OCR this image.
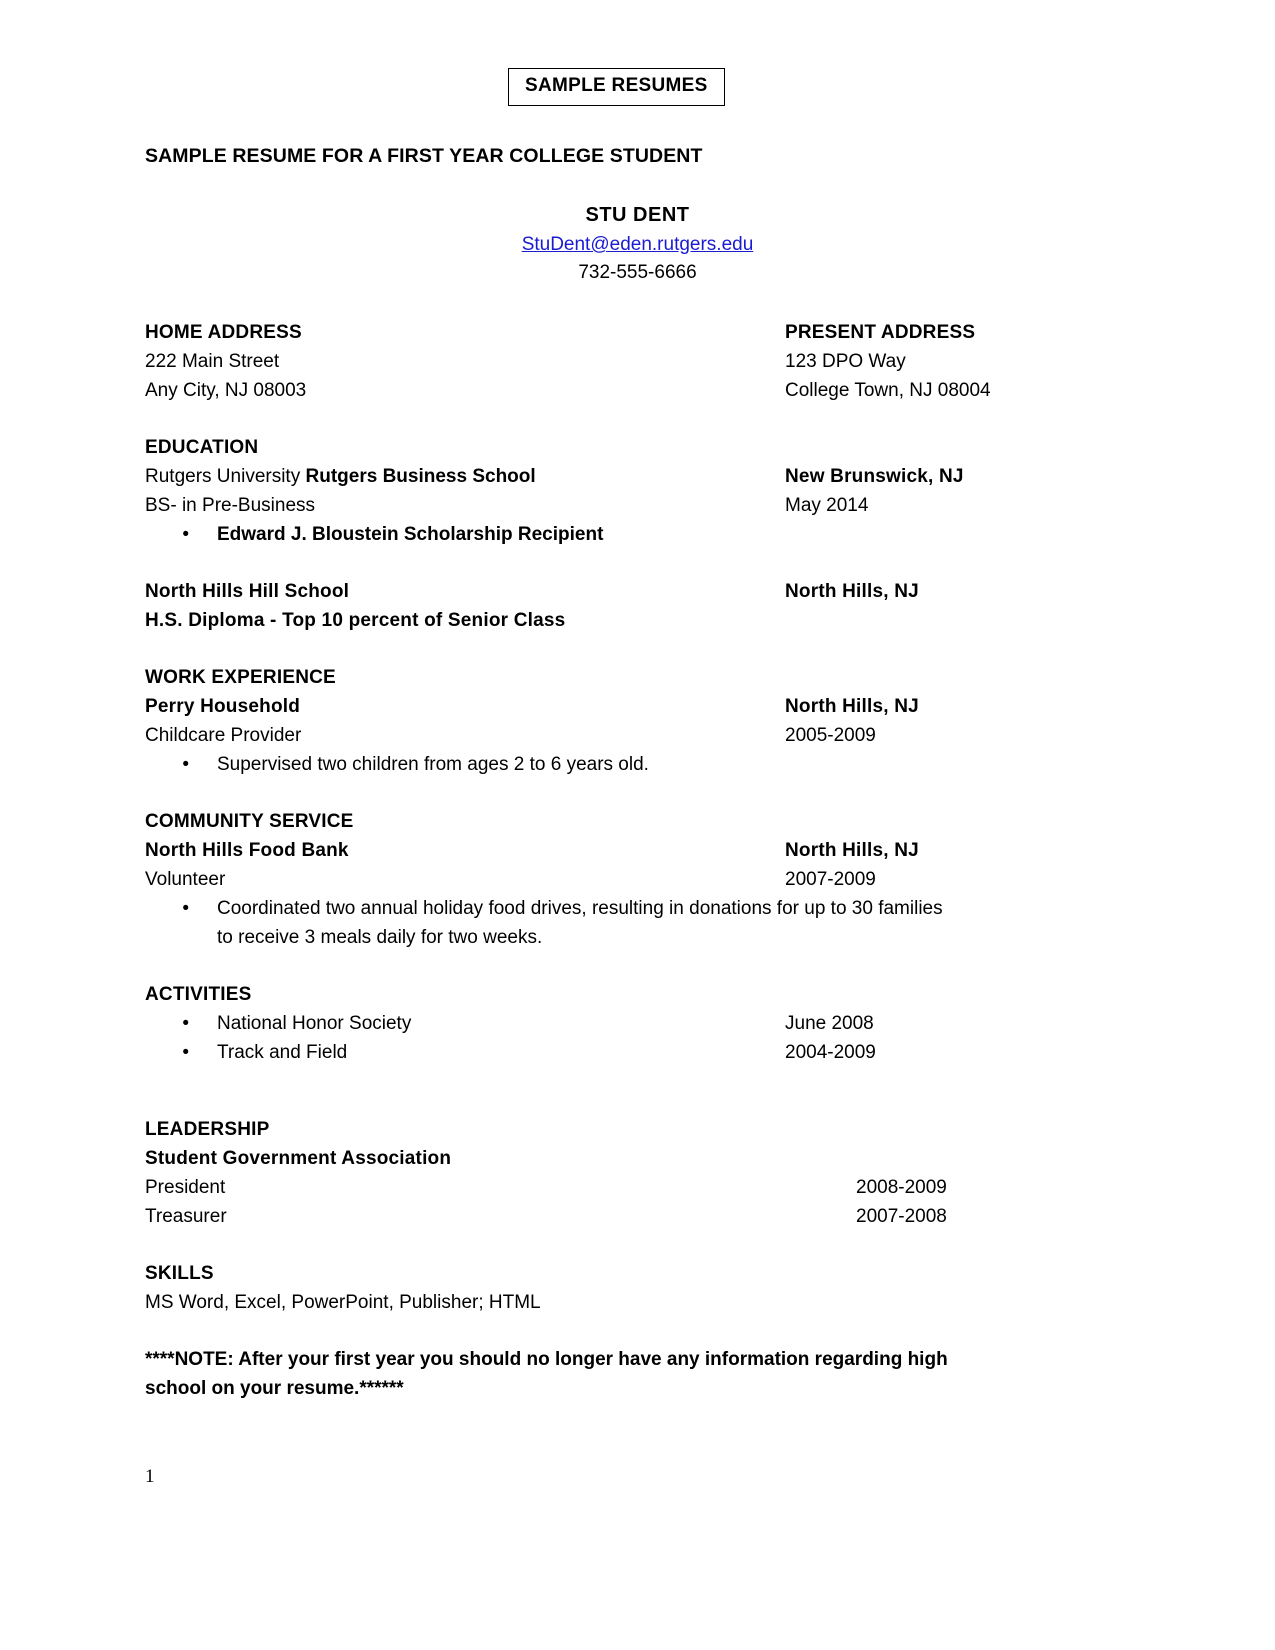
SAMPLE RESUMES
SAMPLE RESUME FOR A FIRST YEAR COLLEGE STUDENT
STU DENT
StuDent@eden.rutgers.edu
732-555-6666
HOME ADDRESS	PRESENT ADDRESS
222 Main Street	123 DPO Way
Any City, NJ 08003	College Town, NJ 08004
EDUCATION
Rutgers University Rutgers Business School	New Brunswick, NJ
BS- in Pre-Business	May 2014
•	Edward J. Bloustein Scholarship Recipient
North Hills Hill School	North Hills, NJ
H.S. Diploma - Top 10 percent of Senior Class
WORK EXPERIENCE
Perry Household	North Hills, NJ
Childcare Provider	2005-2009
•	Supervised two children from ages 2 to 6 years old.
COMMUNITY SERVICE
North Hills Food Bank	North Hills, NJ
Volunteer	2007-2009
•	Coordinated two annual holiday food drives, resulting in donations for up to 30 families
to receive 3 meals daily for two weeks.
ACTIVITIES
•	National Honor Society	June 2008
•	Track and Field	2004-2009
LEADERSHIP
Student Government Association
President	2008-2009
Treasurer	2007-2008
SKILLS
MS Word, Excel, PowerPoint, Publisher; HTML
****NOTE: After your first year you should no longer have any information regarding high
school on your resume.******
1
